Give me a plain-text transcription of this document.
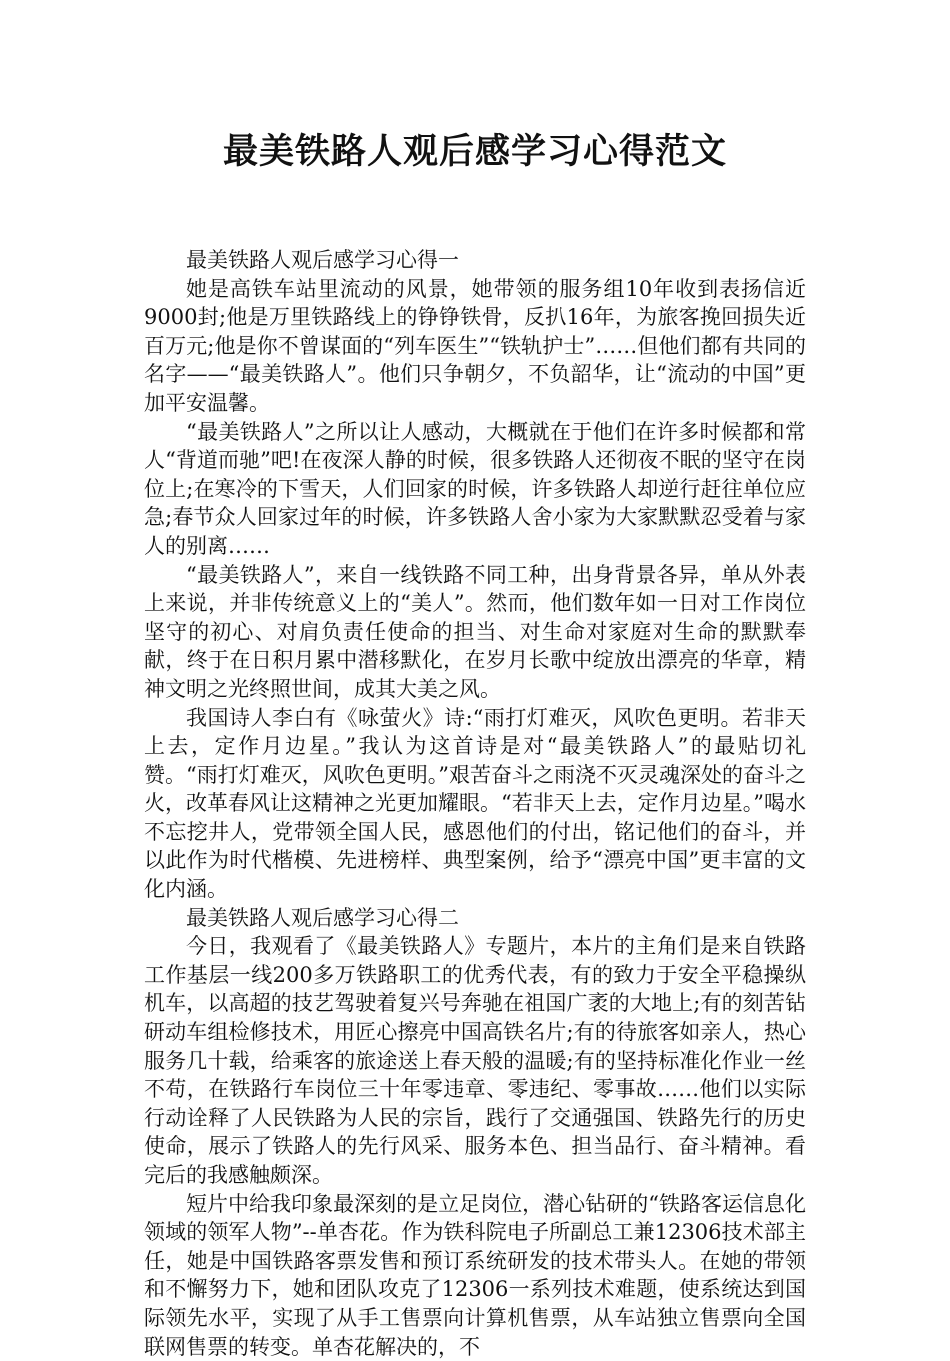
最美铁路人观后感学习心得范文

最美铁路人观后感学习心得一

她是高铁车站里流动的风景，她带领的服务组10年收到表扬信近9000封;他是万里铁路线上的铮铮铁骨，反扒16年，为旅客挽回损失近百万元;他是你不曾谋面的“列车医生”“铁轨护士”……但他们都有共同的名字——“最美铁路人”。他们只争朝夕，不负韶华，让“流动的中国”更加平安温馨。

“最美铁路人”之所以让人感动，大概就在于他们在许多时候都和常人“背道而驰”吧!在夜深人静的时候，很多铁路人还彻夜不眠的坚守在岗位上;在寒冷的下雪天，人们回家的时候，许多铁路人却逆行赶往单位应急;春节众人回家过年的时候，许多铁路人舍小家为大家默默忍受着与家人的别离……

“最美铁路人”，来自一线铁路不同工种，出身背景各异，单从外表上来说，并非传统意义上的“美人”。然而，他们数年如一日对工作岗位坚守的初心、对肩负责任使命的担当、对生命对家庭对生命的默默奉献，终于在日积月累中潜移默化，在岁月长歌中绽放出漂亮的华章，精神文明之光终照世间，成其大美之风。

我国诗人李白有《咏萤火》诗:“雨打灯难灭，风吹色更明。若非天上去，定作月边星。”我认为这首诗是对“最美铁路人”的最贴切礼赞。“雨打灯难灭，风吹色更明。”艰苦奋斗之雨浇不灭灵魂深处的奋斗之火，改革春风让这精神之光更加耀眼。“若非天上去，定作月边星。”喝水不忘挖井人，党带领全国人民，感恩他们的付出，铭记他们的奋斗，并以此作为时代楷模、先进榜样、典型案例，给予“漂亮中国”更丰富的文化内涵。

最美铁路人观后感学习心得二

今日，我观看了《最美铁路人》专题片，本片的主角们是来自铁路工作基层一线200多万铁路职工的优秀代表，有的致力于安全平稳操纵机车，以高超的技艺驾驶着复兴号奔驰在祖国广袤的大地上;有的刻苦钻研动车组检修技术，用匠心擦亮中国高铁名片;有的待旅客如亲人，热心服务几十载，给乘客的旅途送上春天般的温暖;有的坚持标准化作业一丝不苟，在铁路行车岗位三十年零违章、零违纪、零事故……他们以实际行动诠释了人民铁路为人民的宗旨，践行了交通强国、铁路先行的历史使命，展示了铁路人的先行风采、服务本色、担当品行、奋斗精神。看完后的我感触颇深。

短片中给我印象最深刻的是立足岗位，潜心钻研的“铁路客运信息化领域的领军人物”--单杏花。作为铁科院电子所副总工兼12306技术部主任，她是中国铁路客票发售和预订系统研发的技术带头人。在她的带领和不懈努力下，她和团队攻克了12306一系列技术难题，使系统达到国际领先水平，实现了从手工售票向计算机售票，从车站独立售票向全国联网售票的转变。单杏花解决的，不
